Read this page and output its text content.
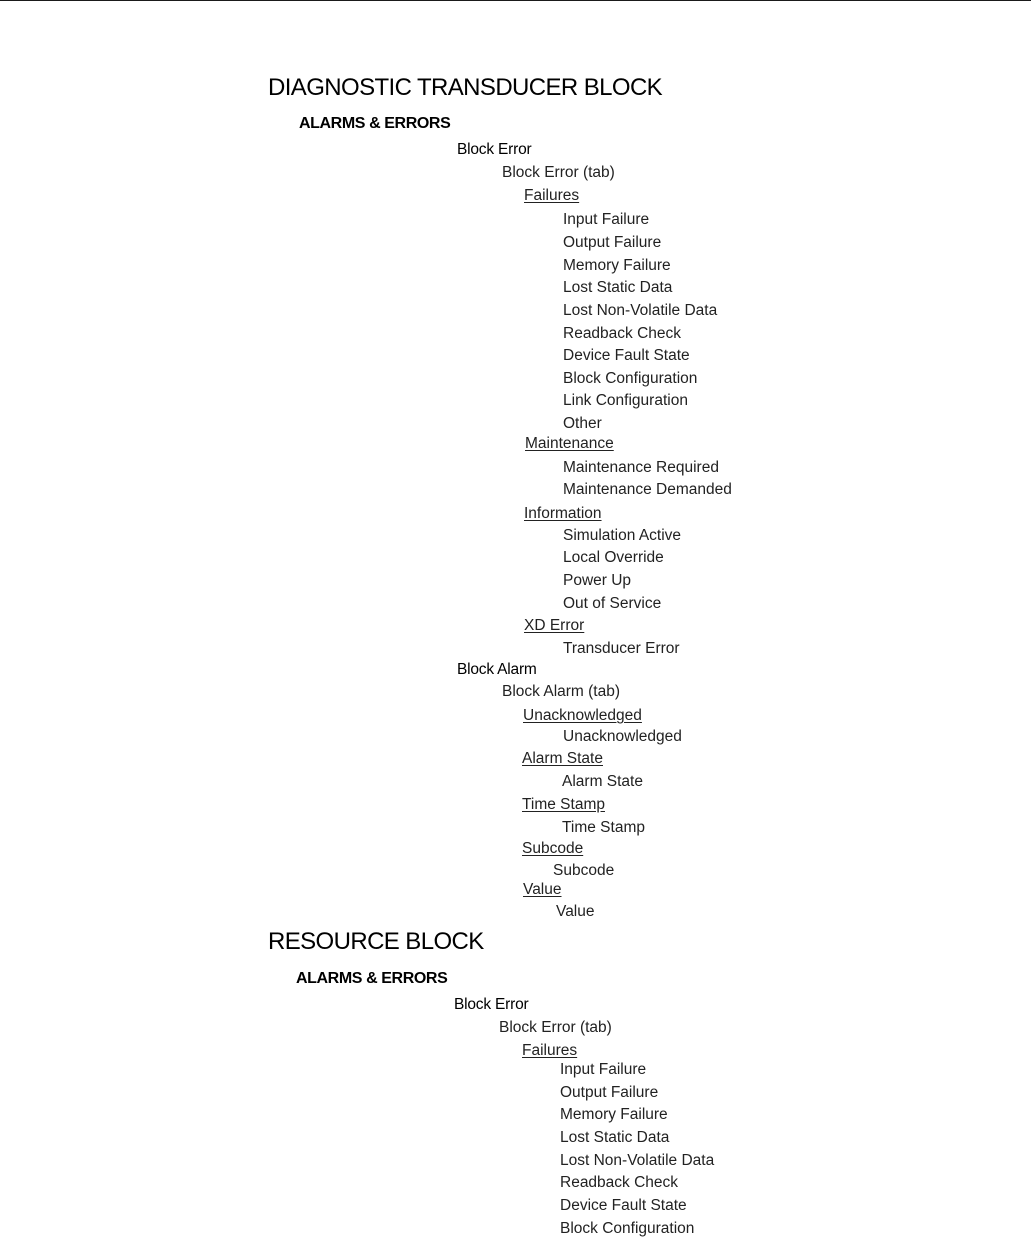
DIAGNOSTIC TRANSDUCER BLOCK
ALARMS & ERRORS
Block Error
Block Error (tab)
Failures
Input Failure
Output Failure
Memory Failure
Lost Static Data
Lost Non-Volatile Data
Readback Check
Device Fault State
Block Configuration
Link Configuration
Other
Maintenance
Maintenance Required
Maintenance Demanded
Information
Simulation Active
Local Override
Power Up
Out of Service
XD Error
Transducer Error
Block Alarm
Block Alarm (tab)
Unacknowledged
Unacknowledged
Alarm State
Alarm State
Time Stamp
Time Stamp
Subcode
Subcode
Value
Value
RESOURCE BLOCK
ALARMS & ERRORS
Block Error
Block Error (tab)
Failures
Input Failure
Output Failure
Memory Failure
Lost Static Data
Lost Non-Volatile Data
Readback Check
Device Fault State
Block Configuration
